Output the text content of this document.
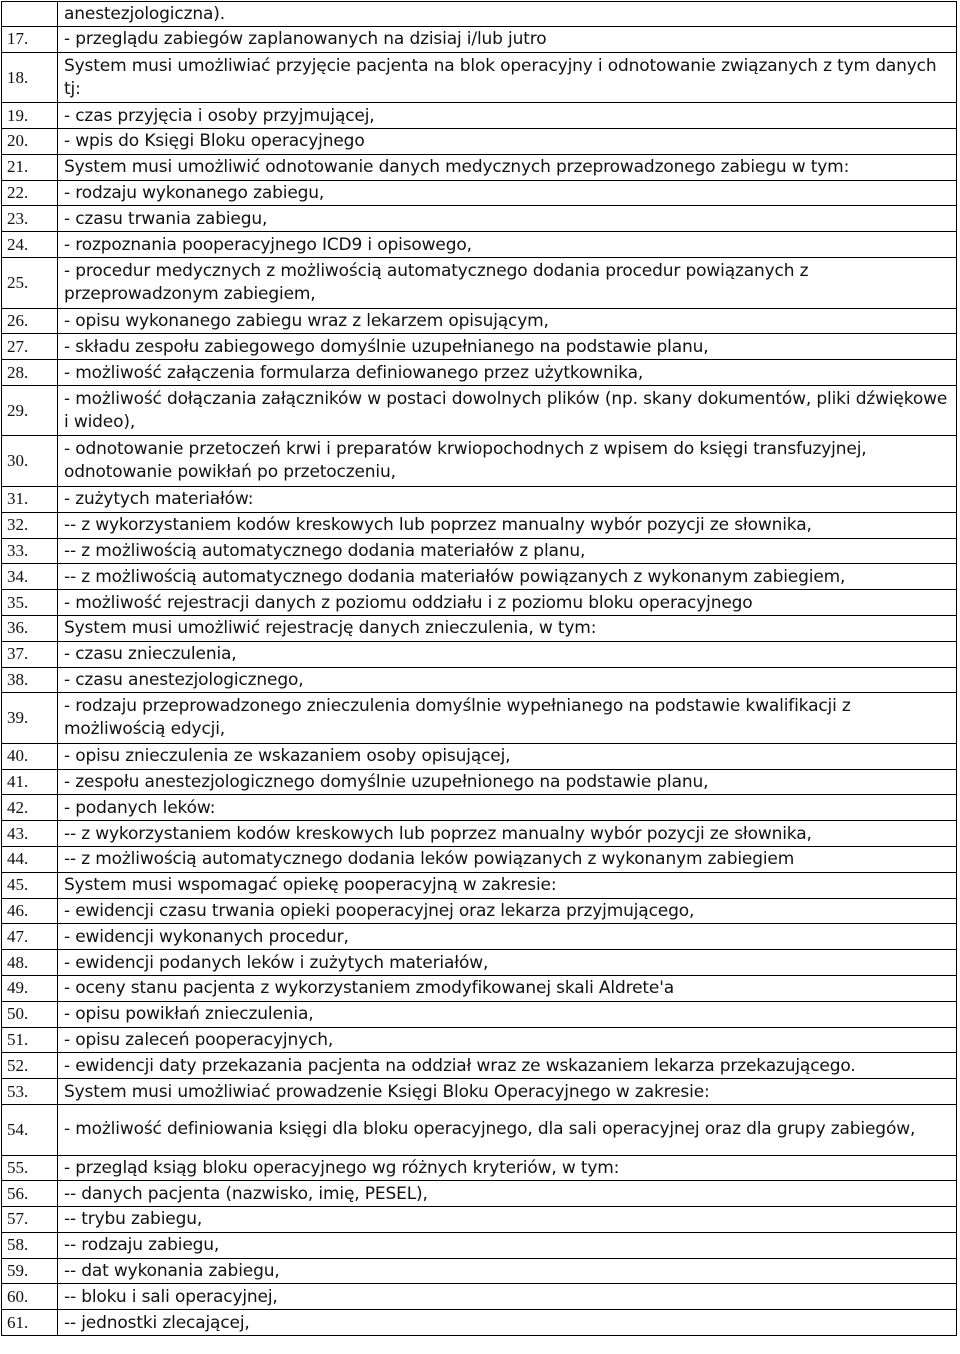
	anestezjologiczna).
17.	- przeglądu zabiegów zaplanowanych na dzisiaj i/lub jutro
18.	System musi umożliwiać przyjęcie pacjenta na blok operacyjny i odnotowanie związanych z tym danych tj:
19.	- czas przyjęcia i osoby przyjmującej,
20.	- wpis do Księgi Bloku operacyjnego
21.	System musi umożliwić odnotowanie danych medycznych przeprowadzonego zabiegu w tym:
22.	- rodzaju wykonanego zabiegu,
23.	- czasu trwania zabiegu,
24.	- rozpoznania pooperacyjnego ICD9 i opisowego,
25.	- procedur medycznych z możliwością automatycznego dodania procedur powiązanych z przeprowadzonym zabiegiem,
26.	- opisu wykonanego zabiegu wraz z lekarzem opisującym,
27.	- składu zespołu zabiegowego domyślnie uzupełnianego na podstawie planu,
28.	- możliwość załączenia formularza definiowanego przez użytkownika,
29.	- możliwość dołączania załączników w postaci dowolnych plików (np. skany dokumentów, pliki dźwiękowe i wideo),
30.	- odnotowanie przetoczeń krwi i preparatów krwiopochodnych z wpisem do księgi transfuzyjnej, odnotowanie powikłań po przetoczeniu,
31.	- zużytych materiałów:
32.	-- z wykorzystaniem kodów kreskowych lub poprzez manualny wybór pozycji ze słownika,
33.	-- z możliwością automatycznego dodania materiałów z planu,
34.	-- z możliwością automatycznego dodania materiałów powiązanych z wykonanym zabiegiem,
35.	- możliwość rejestracji danych z poziomu oddziału i z poziomu bloku operacyjnego
36.	System musi umożliwić rejestrację danych znieczulenia, w tym:
37.	- czasu znieczulenia,
38.	- czasu anestezjologicznego,
39.	- rodzaju przeprowadzonego znieczulenia domyślnie wypełnianego na podstawie kwalifikacji z możliwością edycji,
40.	- opisu znieczulenia ze wskazaniem osoby opisującej,
41.	- zespołu anestezjologicznego domyślnie uzupełnionego na podstawie planu,
42.	- podanych leków:
43.	-- z wykorzystaniem kodów kreskowych lub poprzez manualny wybór pozycji ze słownika,
44.	-- z możliwością automatycznego dodania leków powiązanych z wykonanym zabiegiem
45.	System musi wspomagać opiekę pooperacyjną w zakresie:
46.	- ewidencji czasu trwania opieki pooperacyjnej oraz lekarza przyjmującego,
47.	- ewidencji wykonanych procedur,
48.	- ewidencji podanych leków i zużytych materiałów,
49.	- oceny stanu pacjenta z wykorzystaniem zmodyfikowanej skali Aldrete'a
50.	- opisu powikłań znieczulenia,
51.	- opisu zaleceń pooperacyjnych,
52.	- ewidencji daty przekazania pacjenta na oddział wraz ze wskazaniem lekarza przekazującego.
53.	System musi umożliwiać prowadzenie Księgi Bloku Operacyjnego w zakresie:
54.	- możliwość definiowania księgi dla bloku operacyjnego, dla sali operacyjnej oraz dla grupy zabiegów,
55.	- przegląd ksiąg bloku operacyjnego wg różnych kryteriów, w tym:
56.	-- danych pacjenta (nazwisko, imię, PESEL),
57.	-- trybu zabiegu,
58.	-- rodzaju zabiegu,
59.	-- dat wykonania zabiegu,
60.	-- bloku i sali operacyjnej,
61.	-- jednostki zlecającej,
